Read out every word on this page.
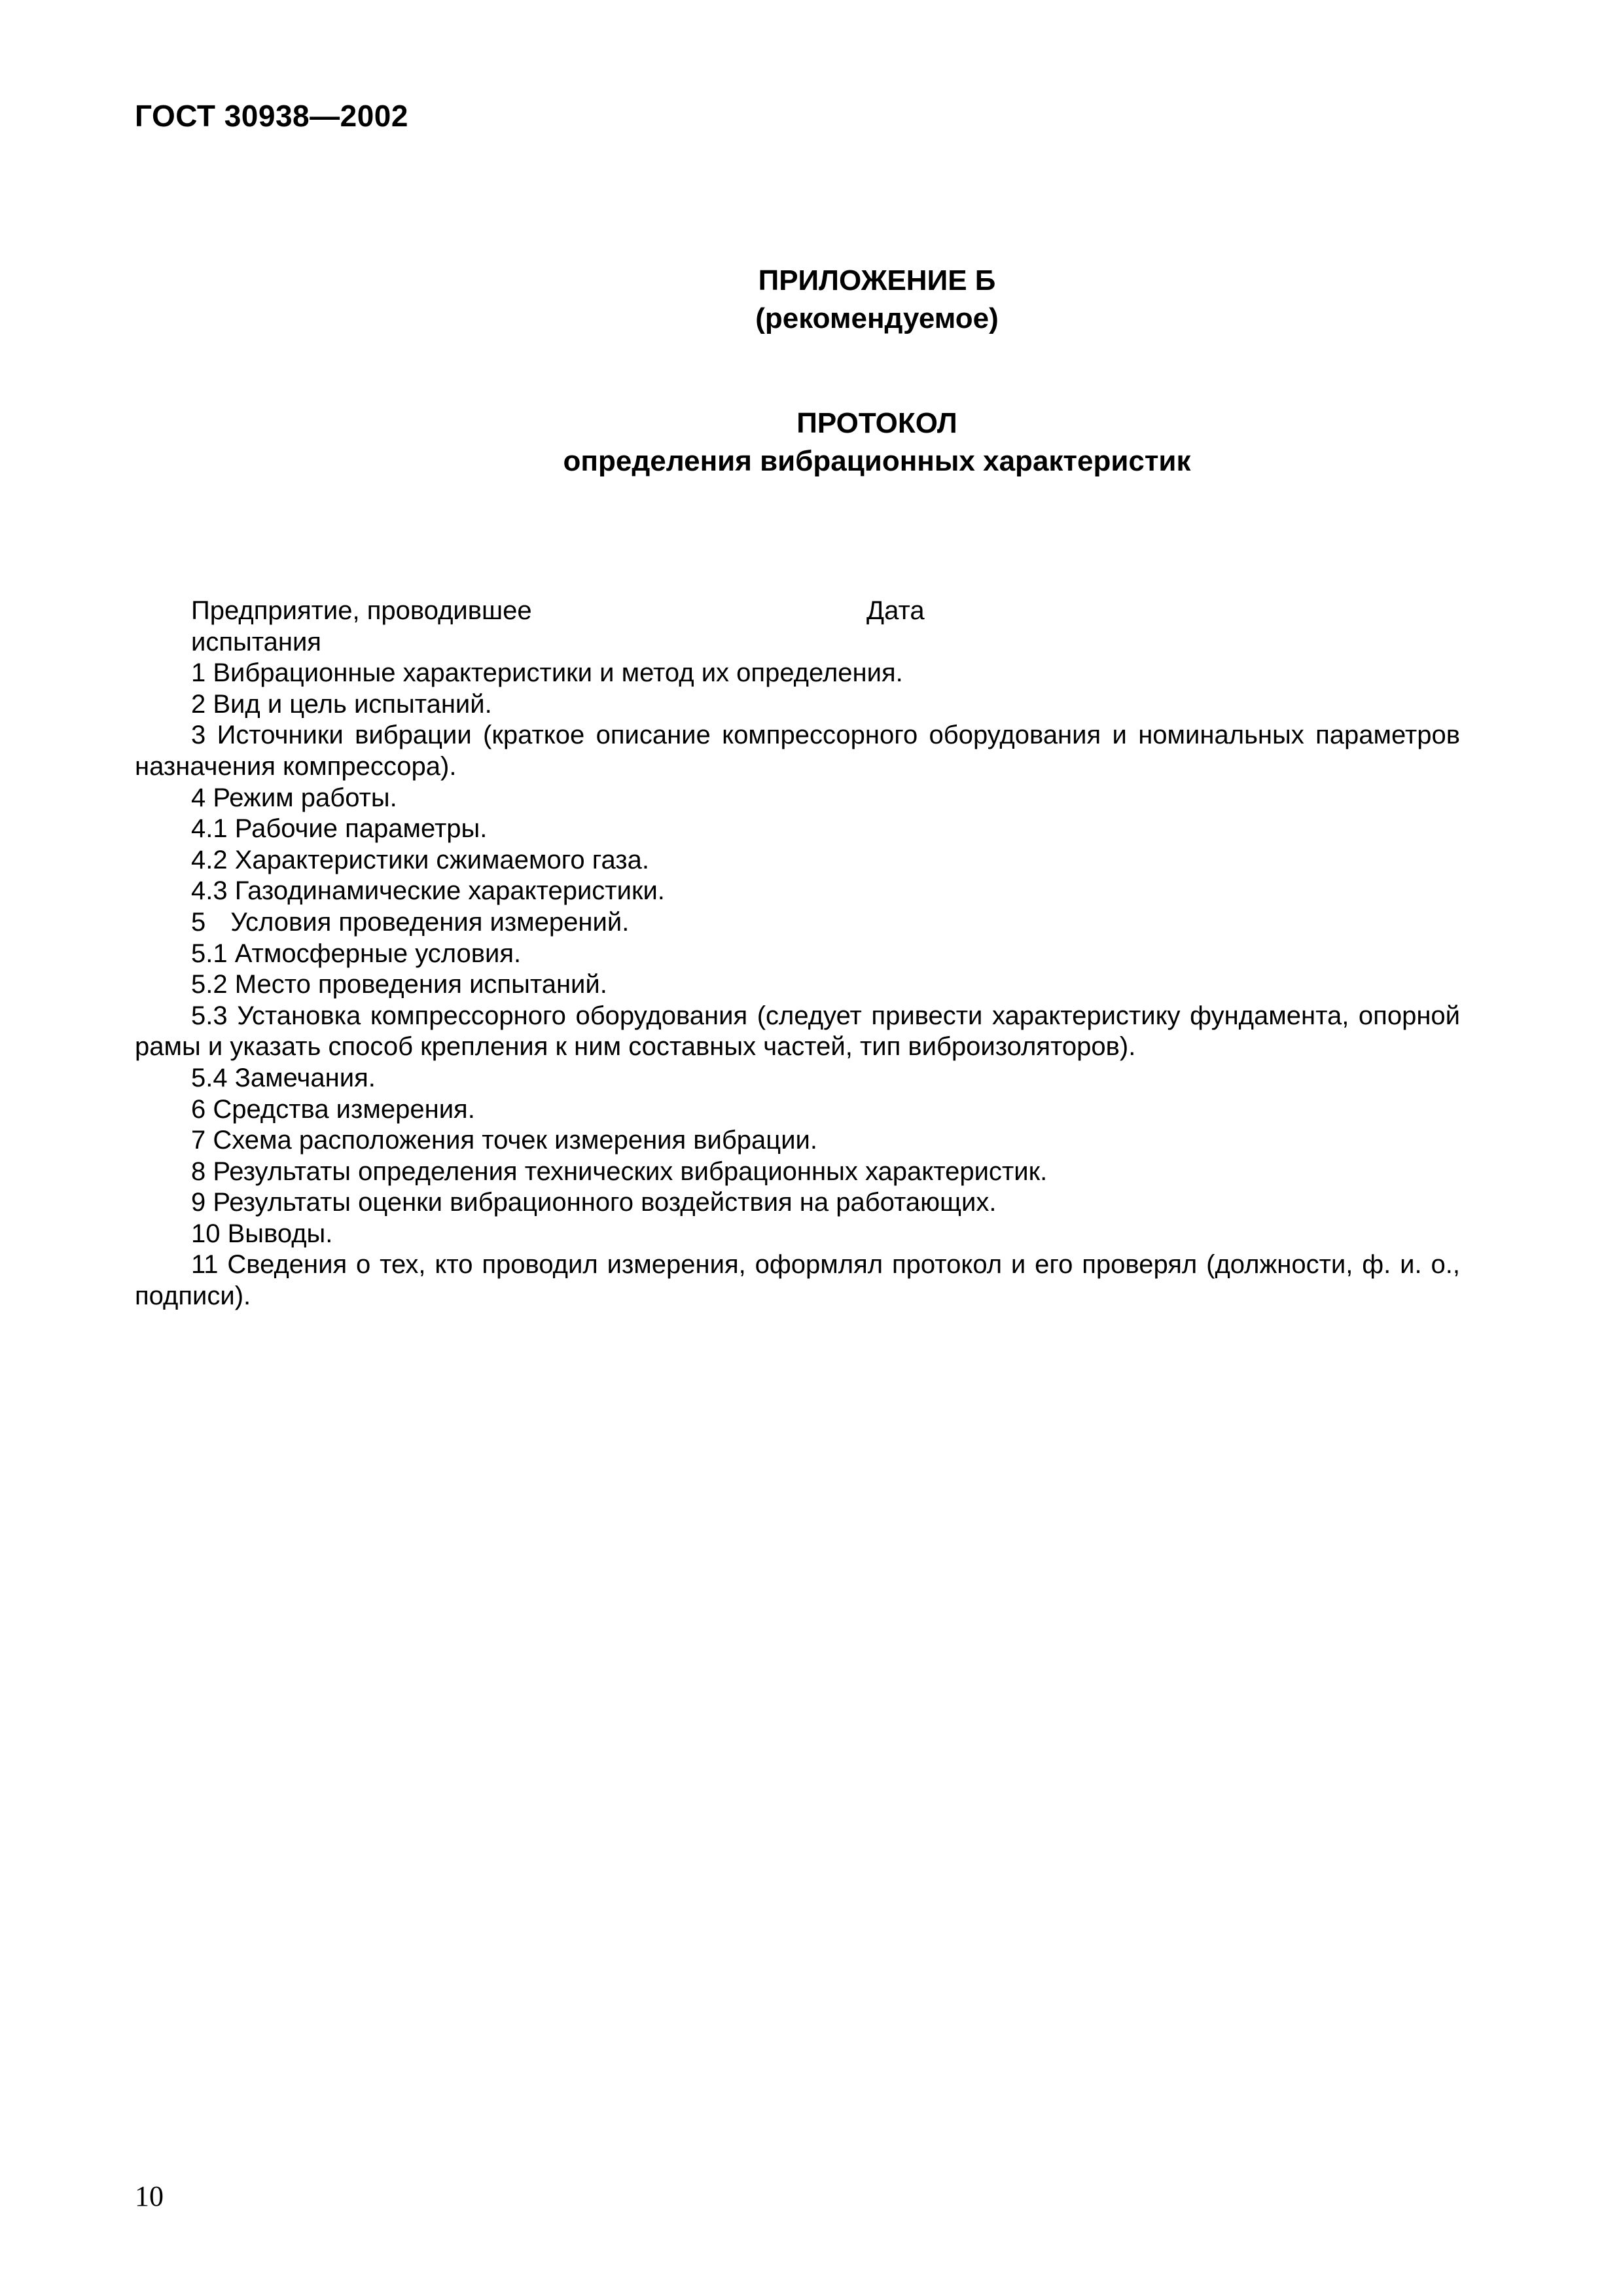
ГОСТ 30938—2002
ПРИЛОЖЕНИЕ Б
(рекомендуемое)
ПРОТОКОЛ
определения вибрационных характеристик
Предприятие, проводившее	Дата
испытания
1 Вибрационные характеристики и метод их определения.
2 Вид и цель испытаний.
3 Источники вибрации (краткое описание компрессорного оборудования и номинальных параметров назначения компрессора).
4 Режим работы.
4.1 Рабочие параметры.
4.2 Характеристики сжимаемого газа.
4.3 Газодинамические характеристики.
5 Условия проведения измерений.
5.1 Атмосферные условия.
5.2 Место проведения испытаний.
5.3 Установка компрессорного оборудования (следует привести характеристику фундамента, опорной рамы и указать способ крепления к ним составных частей, тип виброизоляторов).
5.4 Замечания.
6 Средства измерения.
7 Схема расположения точек измерения вибрации.
8 Результаты определения технических вибрационных характеристик.
9 Результаты оценки вибрационного воздействия на работающих.
10 Выводы.
11 Сведения о тех, кто проводил измерения, оформлял протокол и его проверял (должности, ф. и. о., подписи).
10
